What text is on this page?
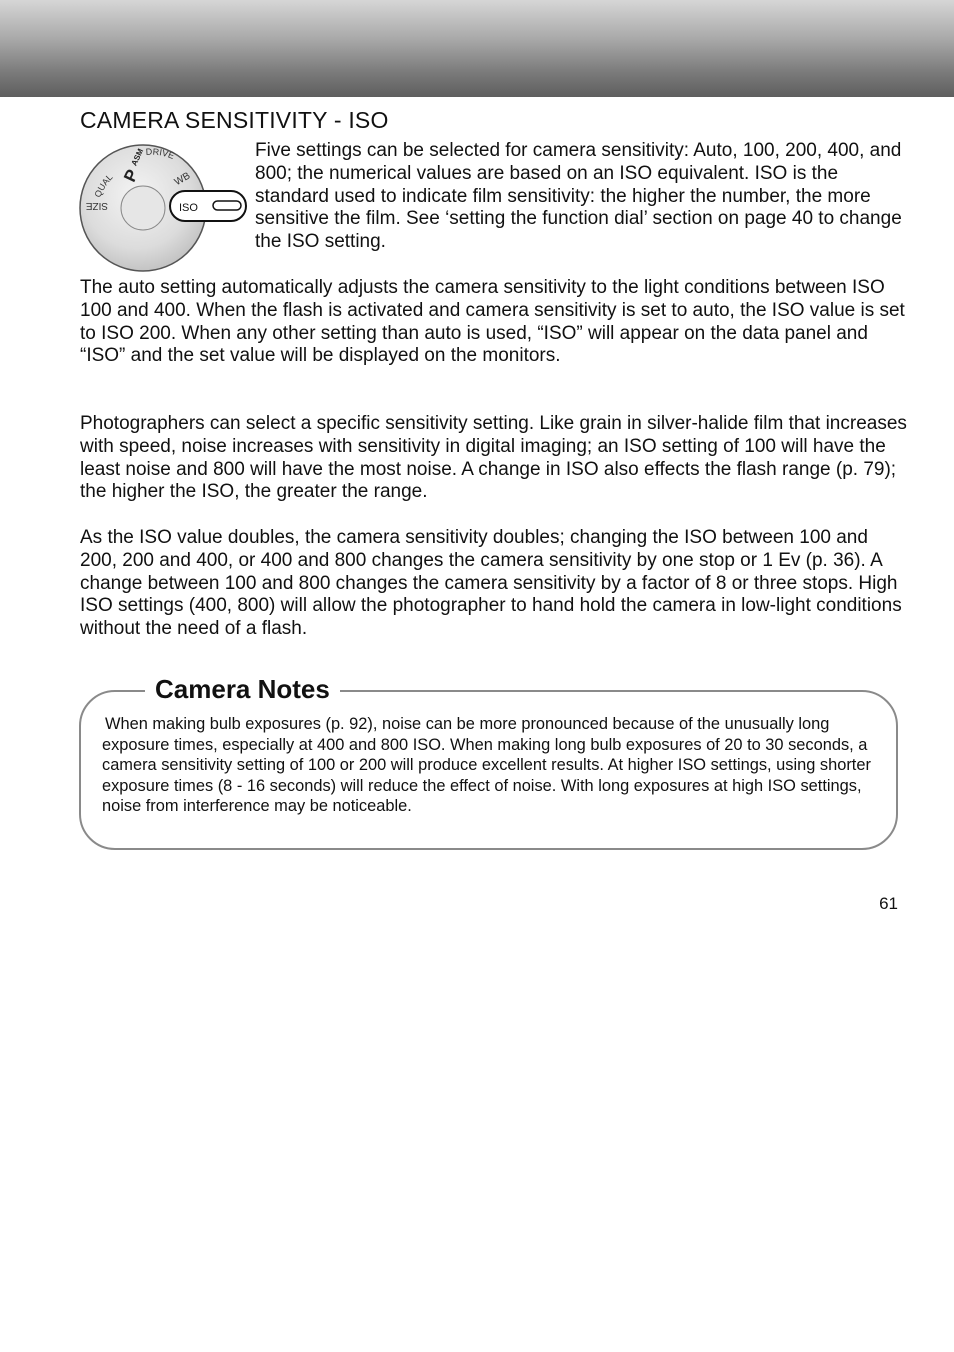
CAMERA SENSITIVITY - ISO
SIZE
QUAL P
ASM DRIVE
WB
ISO

Five settings can be selected for camera sensitivity: Auto, 100, 200, 400, and 800; the numerical values are based on an ISO equivalent. ISO is the standard used to indicate film sensitivity: the higher the number, the more sensitive the film. See ‘setting the function dial’ section on page 40 to change the ISO setting.

The auto setting automatically adjusts the camera sensitivity to the light conditions between ISO 100 and 400. When the flash is activated and camera sensitivity is set to auto, the ISO value is set to ISO 200. When any other setting than auto is used, “ISO” will appear on the data panel and “ISO” and the set value will be displayed on the monitors.

Photographers can select a specific sensitivity setting. Like grain in silver-halide film that increases with speed, noise increases with sensitivity in digital imaging; an ISO setting of 100 will have the least noise and 800 will have the most noise. A change in ISO also effects the flash range (p. 79); the higher the ISO, the greater the range.

As the ISO value doubles, the camera sensitivity doubles; changing the ISO between 100 and 200, 200 and 400, or 400 and 800 changes the camera sensitivity by one stop or 1 Ev (p. 36). A change between 100 and 800 changes the camera sensitivity by a factor of 8 or three stops. High ISO settings (400, 800) will allow the photographer to hand hold the camera in low-light conditions without the need of a flash.

Camera Notes

When making bulb exposures (p. 92), noise can be more pronounced because of the unusually long exposure times, especially at 400 and 800 ISO. When making long bulb exposures of 20 to 30 seconds, a camera sensitivity setting of 100 or 200 will produce excellent results. At higher ISO settings, using shorter exposure times (8 - 16 seconds) will reduce the effect of noise. With long exposures at high ISO settings, noise from interference may be noticeable.

61
